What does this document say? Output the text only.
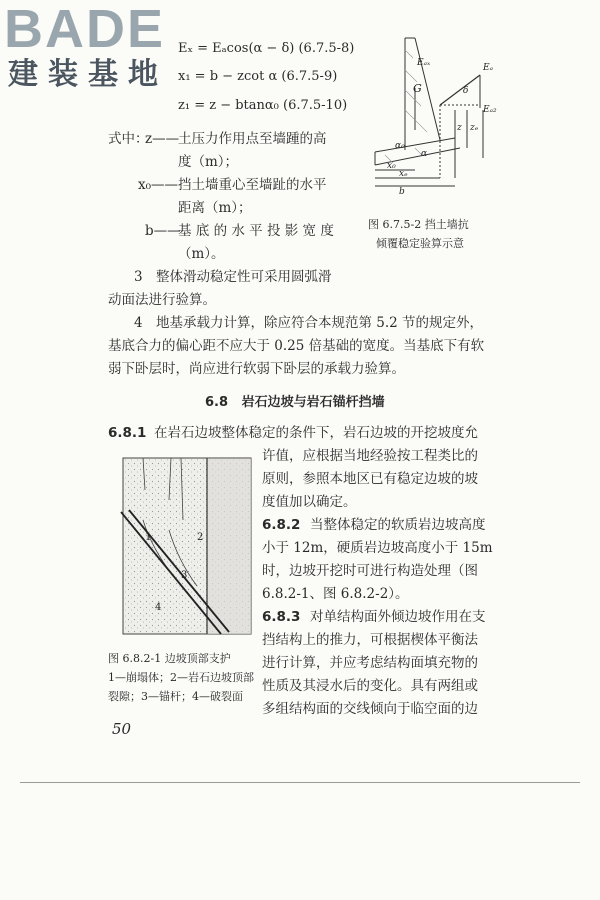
BADE
建装基地
Eₓ = Eₐcos(α − δ) (6.7.5-8)
x₁ = b − zcot α (6.7.5-9)
z₁ = z − btanα₀ (6.7.5-10)
式中：
z——
土压力作用点至墙踵的高
度（m）；
x₀—— 挡土墙重心至墙趾的水平
距离（m）；
b——
基 底 的 水 平 投 影 宽 度
（m）。
Eₐₓ	Eₐ
Eₐ₂
G	δ
α₀
α
x₀
xₑ
b
z zₑ
图 6.7.5-2 挡土墙抗
倾覆稳定验算示意
3 整体滑动稳定性可采用圆弧滑
动面法进行验算。
4 地基承载力计算，除应符合本规范第 5.2 节的规定外，
基底合力的偏心距不应大于 0.25 倍基础的宽度。当基底下有软
弱下卧层时，尚应进行软弱下卧层的承载力验算。
6.8 岩石边坡与岩石锚杆挡墙
6.8.1 在岩石边坡整体稳定的条件下，岩石边坡的开挖坡度允
许值，应根据当地经验按工程类比的
原则，参照本地区已有稳定边坡的坡
度值加以确定。
6.8.2 当整体稳定的软质岩边坡高度
小于 12m，硬质岩边坡高度小于 15m
时，边坡开挖时可进行构造处理（图
6.8.2-1、图 6.8.2-2）。
6.8.3 对单结构面外倾边坡作用在支
挡结构上的推力，可根据楔体平衡法
进行计算，并应考虑结构面填充物的
性质及其浸水后的变化。具有两组或
多组结构面的交线倾向于临空面的边
1	2
3
4
图 6.8.2-1 边坡顶部支护
1—崩塌体；2—岩石边坡顶部
裂隙；3—锚杆；4—破裂面
50
